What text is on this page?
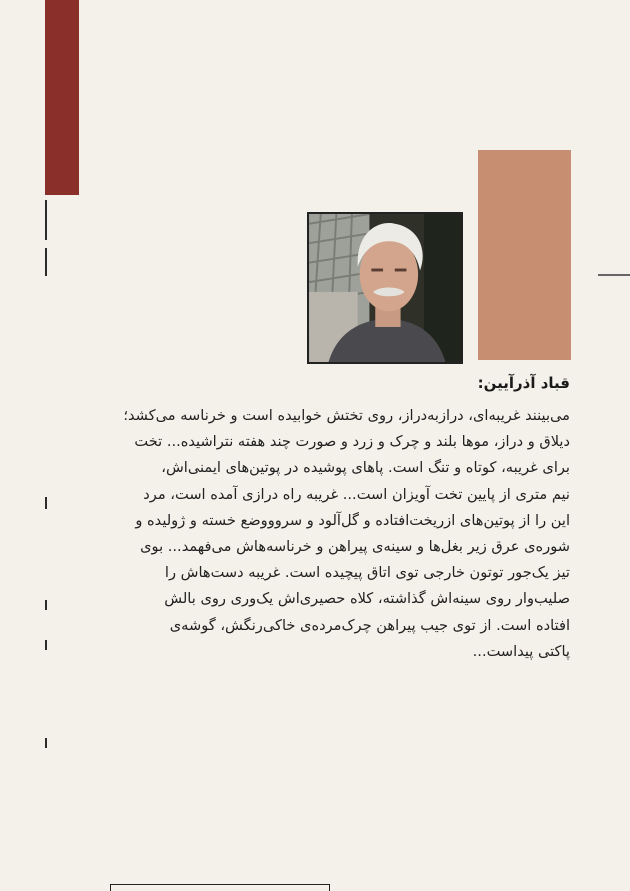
قباد آذرآیین:
می‌بینند غریبه‌ای، درازبه‌دراز، روی تختش خوابیده است و خرناسه می‌کشد؛
دیلاق و دراز، موها بلند و چرک و زرد و صورت چند هفته نتراشیده... تخت
برای غریبه، کوتاه و تنگ است. پاهای پوشیده در پوتین‌های ایمنی‌اش،
نیم متری از پایین تخت آویزان است... غریبه راه درازی آمده است، مرد
این را از پوتین‌های ازریخت‌افتاده و گل‌آلود و سروووضع خسته و ژولیده و
شوره‌ی عرق زیر بغل‌ها و سینه‌ی پیراهن و خرناسه‌هاش می‌فهمد... بوی
تیز یک‌جور توتون خارجی توی اتاق پیچیده است. غریبه دست‌هاش را
صلیب‌وار روی سینه‌اش گذاشته، کلاه حصیری‌اش یک‌وری روی بالش
افتاده است. از توی جیب پیراهن چرک‌مرده‌ی خاکی‌رنگش، گوشه‌ی
پاکتی پیداست...
